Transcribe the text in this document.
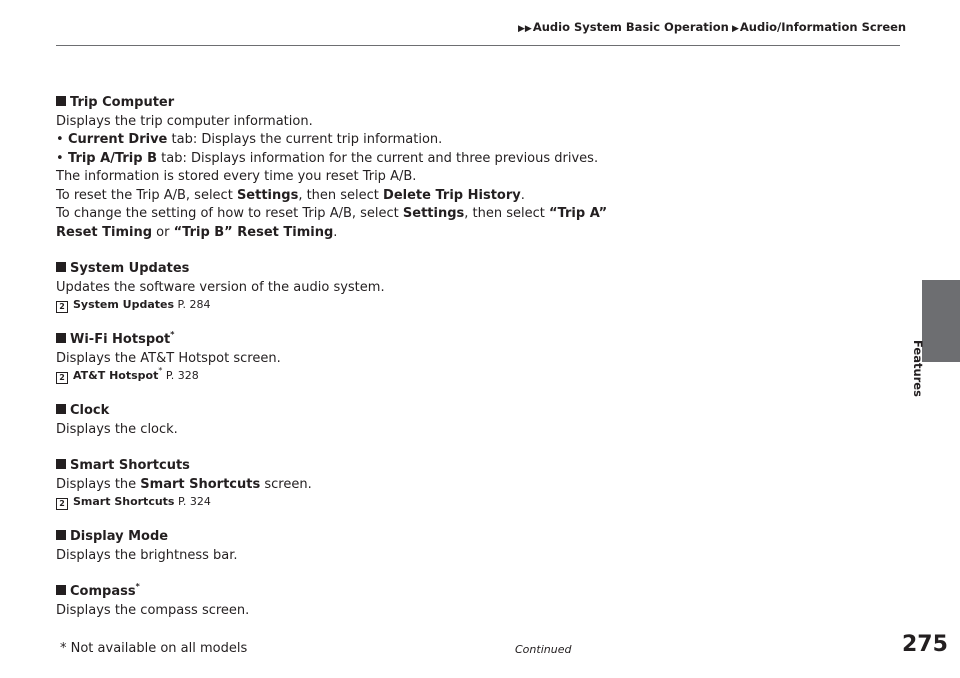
▶▶Audio System Basic Operation ▶Audio/Information Screen
Features
Trip Computer
Displays the trip computer information.
• Current Drive tab: Displays the current trip information.
• Trip A/Trip B tab: Displays information for the current and three previous drives.
The information is stored every time you reset Trip A/B.
To reset the Trip A/B, select Settings, then select Delete Trip History.
To change the setting of how to reset Trip A/B, select Settings, then select “Trip A”
Reset Timing or “Trip B” Reset Timing.
System Updates
Updates the software version of the audio system.
2 System Updates P. 284
Wi-Fi Hotspot*
Displays the AT&T Hotspot screen.
2 AT&T Hotspot* P. 328
Clock
Displays the clock.
Smart Shortcuts
Displays the Smart Shortcuts screen.
2 Smart Shortcuts P. 324
Display Mode
Displays the brightness bar.
Compass*
Displays the compass screen.
* Not available on all models	Continued	275
